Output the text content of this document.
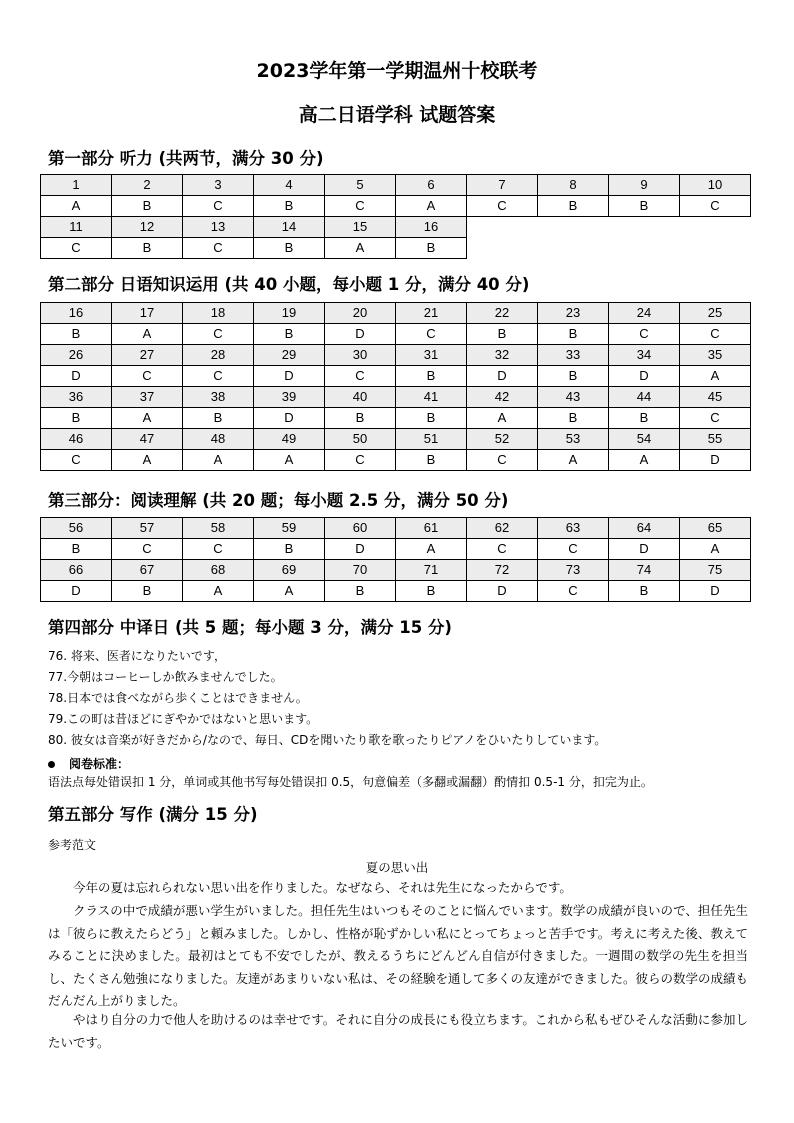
2023学年第一学期温州十校联考
高二日语学科 试题答案
第一部分 听力 (共两节，满分 30 分)
1	2	3	4	5	6	7	8	9	10
A	B	C	B	C	A	C	B	B	C
11	12	13	14	15	16				
C	B	C	B	A	B				
第二部分 日语知识运用 (共 40 小题，每小题 1 分，满分 40 分)
16	17	18	19	20	21	22	23	24	25
B	A	C	B	D	C	B	B	C	C
26	27	28	29	30	31	32	33	34	35
D	C	C	D	C	B	D	B	D	A
36	37	38	39	40	41	42	43	44	45
B	A	B	D	B	B	A	B	B	C
46	47	48	49	50	51	52	53	54	55
C	A	A	A	C	B	C	A	A	D
第三部分：阅读理解 (共 20 题；每小题 2.5 分，满分 50 分)
56	57	58	59	60	61	62	63	64	65
B	C	C	B	D	A	C	C	D	A
66	67	68	69	70	71	72	73	74	75
D	B	A	A	B	B	D	C	B	D
第四部分 中译日 (共 5 题；每小题 3 分，满分 15 分)
76. 将来、医者になりたいです，
77.今朝はコーヒーしか飲みませんでした。
78.日本では食べながら歩くことはできません。
79.この町は昔ほどにぎやかではないと思います。
80. 彼女は音楽が好きだから/なので、毎日、CDを聞いたり歌を歌ったりピアノをひいたりしています。
阅卷标准：
语法点每处错误扣 1 分，单词或其他书写每处错误扣 0.5，句意偏差（多翻或漏翻）酌情扣 0.5-1 分，扣完为止。
第五部分 写作 (满分 15 分)
参考范文
夏の思い出
今年の夏は忘れられない思い出を作りました。なぜなら、それは先生になったからです。
クラスの中で成績が悪い学生がいました。担任先生はいつもそのことに悩んでいます。数学の成績が良いので、担任先生は「彼らに教えたらどう」と頼みました。しかし、性格が恥ずかしい私にとってちょっと苦手です。考えに考えた後、教えてみることに決めました。最初はとても不安でしたが、教えるうちにどんどん自信が付きました。一週間の数学の先生を担当し、たくさん勉強になりました。友達があまりいない私は、その経験を通して多くの友達ができました。彼らの数学の成績もだんだん上がりました。
やはり自分の力で他人を助けるのは幸せです。それに自分の成長にも役立ちます。これから私もぜひそんな活動に参加したいです。
